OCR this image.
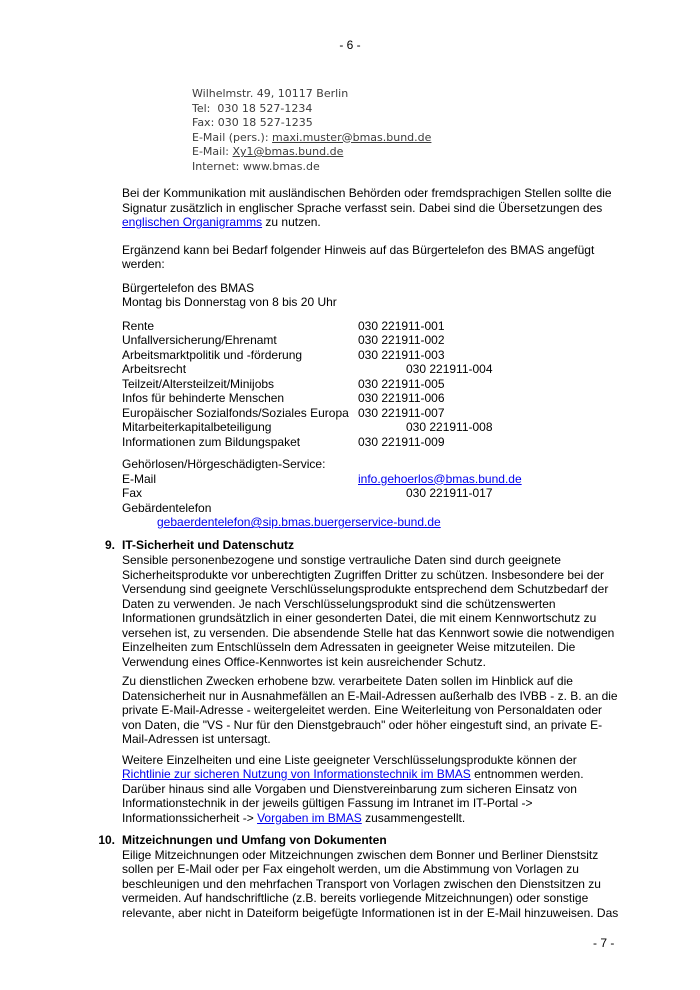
- 6 -
Wilhelmstr. 49, 10117 Berlin
Tel:  030 18 527-1234
Fax: 030 18 527-1235
E-Mail (pers.): maxi.muster@bmas.bund.de
E-Mail: Xy1@bmas.bund.de
Internet: www.bmas.de
Bei der Kommunikation mit ausländischen Behörden oder fremdsprachigen Stellen sollte die
Signatur zusätzlich in englischer Sprache verfasst sein. Dabei sind die Übersetzungen des
englischen Organigramms zu nutzen.
Ergänzend kann bei Bedarf folgender Hinweis auf das Bürgertelefon des BMAS angefügt
werden:
Bürgertelefon des BMAS
Montag bis Donnerstag von 8 bis 20 Uhr
Rente	030 221911-001
Unfallversicherung/Ehrenamt	030 221911-002
Arbeitsmarktpolitik und -förderung	030 221911-003
Arbeitsrecht	030 221911-004
Teilzeit/Altersteilzeit/Minijobs	030 221911-005
Infos für behinderte Menschen	030 221911-006
Europäischer Sozialfonds/Soziales Europa 030 221911-007
Mitarbeiterkapitalbeteiligung	030 221911-008
Informationen zum Bildungspaket	030 221911-009
Gehörlosen/Hörgeschädigten-Service:
E-Mail	info.gehoerlos@bmas.bund.de
Fax	030 221911-017
Gebärdentelefon
gebaerdentelefon@sip.bmas.buergerservice-bund.de
9. IT-Sicherheit und Datenschutz
Sensible personenbezogene und sonstige vertrauliche Daten sind durch geeignete
Sicherheitsprodukte vor unberechtigten Zugriffen Dritter zu schützen. Insbesondere bei der
Versendung sind geeignete Verschlüsselungsprodukte entsprechend dem Schutzbedarf der
Daten zu verwenden. Je nach Verschlüsselungsprodukt sind die schützenswerten
Informationen grundsätzlich in einer gesonderten Datei, die mit einem Kennwortschutz zu
versehen ist, zu versenden. Die absendende Stelle hat das Kennwort sowie die notwendigen
Einzelheiten zum Entschlüsseln dem Adressaten in geeigneter Weise mitzuteilen. Die
Verwendung eines Office-Kennwortes ist kein ausreichender Schutz.
Zu dienstlichen Zwecken erhobene bzw. verarbeitete Daten sollen im Hinblick auf die
Datensicherheit nur in Ausnahmefällen an E-Mail-Adressen außerhalb des IVBB - z. B. an die
private E-Mail-Adresse - weitergeleitet werden. Eine Weiterleitung von Personaldaten oder
von Daten, die "VS - Nur für den Dienstgebrauch" oder höher eingestuft sind, an private E-
Mail-Adressen ist untersagt.
Weitere Einzelheiten und eine Liste geeigneter Verschlüsselungsprodukte können der
Richtlinie zur sicheren Nutzung von Informationstechnik im BMAS entnommen werden.
Darüber hinaus sind alle Vorgaben und Dienstvereinbarung zum sicheren Einsatz von
Informationstechnik in der jeweils gültigen Fassung im Intranet im IT-Portal ->
Informationssicherheit -> Vorgaben im BMAS zusammengestellt.
10. Mitzeichnungen und Umfang von Dokumenten
Eilige Mitzeichnungen oder Mitzeichnungen zwischen dem Bonner und Berliner Dienstsitz
sollen per E-Mail oder per Fax eingeholt werden, um die Abstimmung von Vorlagen zu
beschleunigen und den mehrfachen Transport von Vorlagen zwischen den Dienstsitzen zu
vermeiden. Auf handschriftliche (z.B. bereits vorliegende Mitzeichnungen) oder sonstige
relevante, aber nicht in Dateiform beigefügte Informationen ist in der E-Mail hinzuweisen. Das
- 7 -
